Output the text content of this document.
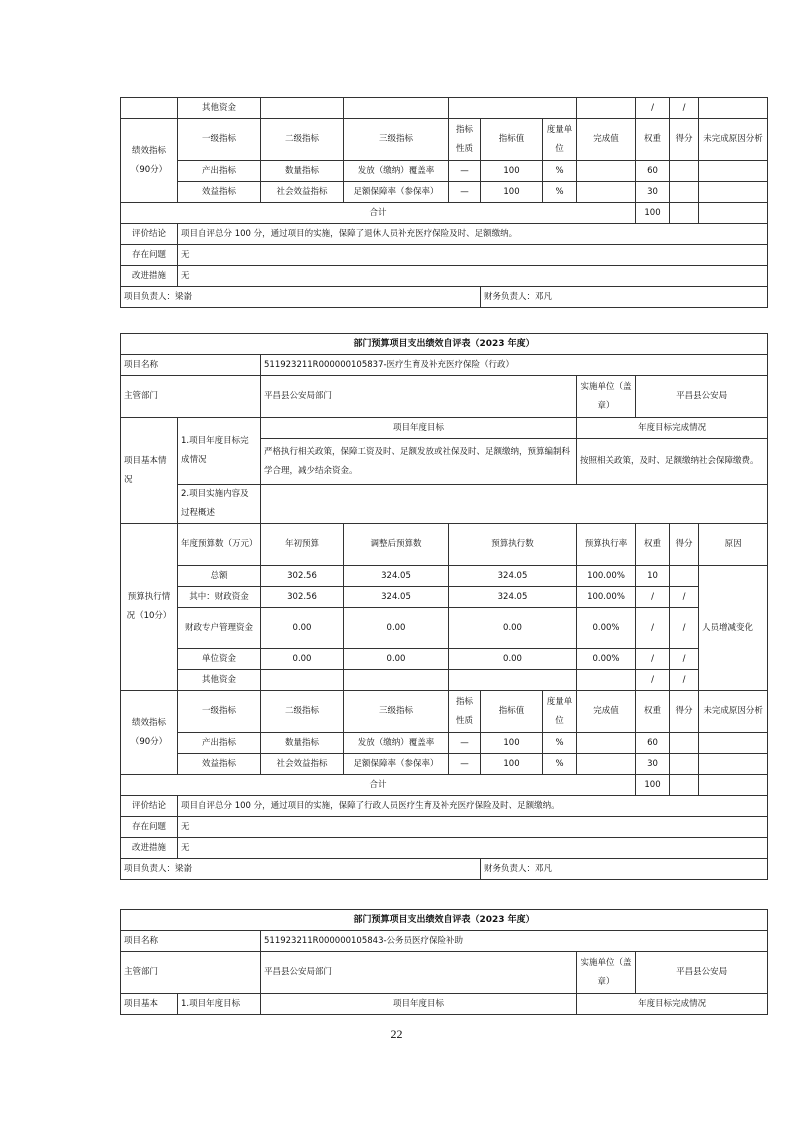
	其他资金							/	/	
绩效指标（90分）	一级指标	二级指标	三级指标	指标性质	指标值	度量单位	完成值	权重	得分	未完成原因分析
	产出指标	数量指标	发放（缴纳）覆盖率	—	100	%		60		
	效益指标	社会效益指标	足额保障率（参保率）	—	100	%		30		
合计								100		
评价结论	项目自评总分 100 分，通过项目的实施，保障了退休人员补充医疗保险及时、足额缴纳。									
存在问题	无									
改进措施	无									
项目负责人：梁嵛					财务负责人：邓凡					
部门预算项目支出绩效自评表（2023 年度）										
项目名称		511923211R000000105837-医疗生育及补充医疗保险（行政）								
主管部门		平昌县公安局部门					实施单位（盖章）	平昌县公安局		
项目基本情况	1.项目年度目标完成情况	项目年度目标					年度目标完成情况			
		严格执行相关政策，保障工资及时、足额发放或社保及时、足额缴纳，预算编制科学合理，减少结余资金。					按照相关政策，及时、足额缴纳社会保障缴费。			
	2.项目实施内容及过程概述									
预算执行情况（10分）	年度预算数（万元）	年初预算	调整后预算数	预算执行数			预算执行率	权重	得分	原因
	总额	302.56	324.05	324.05			100.00%	10		人员增减变化
	其中：财政资金	302.56	324.05	324.05			100.00%	/	/	
	财政专户管理资金	0.00	0.00	0.00			0.00%	/	/	
	单位资金	0.00	0.00	0.00			0.00%	/	/	
	其他资金							/	/	
绩效指标（90分）	一级指标	二级指标	三级指标	指标性质	指标值	度量单位	完成值	权重	得分	未完成原因分析
	产出指标	数量指标	发放（缴纳）覆盖率	—	100	%		60		
	效益指标	社会效益指标	足额保障率（参保率）	—	100	%		30		
合计								100		
评价结论	项目自评总分 100 分，通过项目的实施，保障了行政人员医疗生育及补充医疗保险及时、足额缴纳。									
存在问题	无									
改进措施	无									
项目负责人：梁嵛					财务负责人：邓凡					
部门预算项目支出绩效自评表（2023 年度）				
项目名称		511923211R000000105843-公务员医疗保险补助		
主管部门		平昌县公安局部门	实施单位（盖章）	平昌县公安局
项目基本	1.项目年度目标	项目年度目标	年度目标完成情况	
22
